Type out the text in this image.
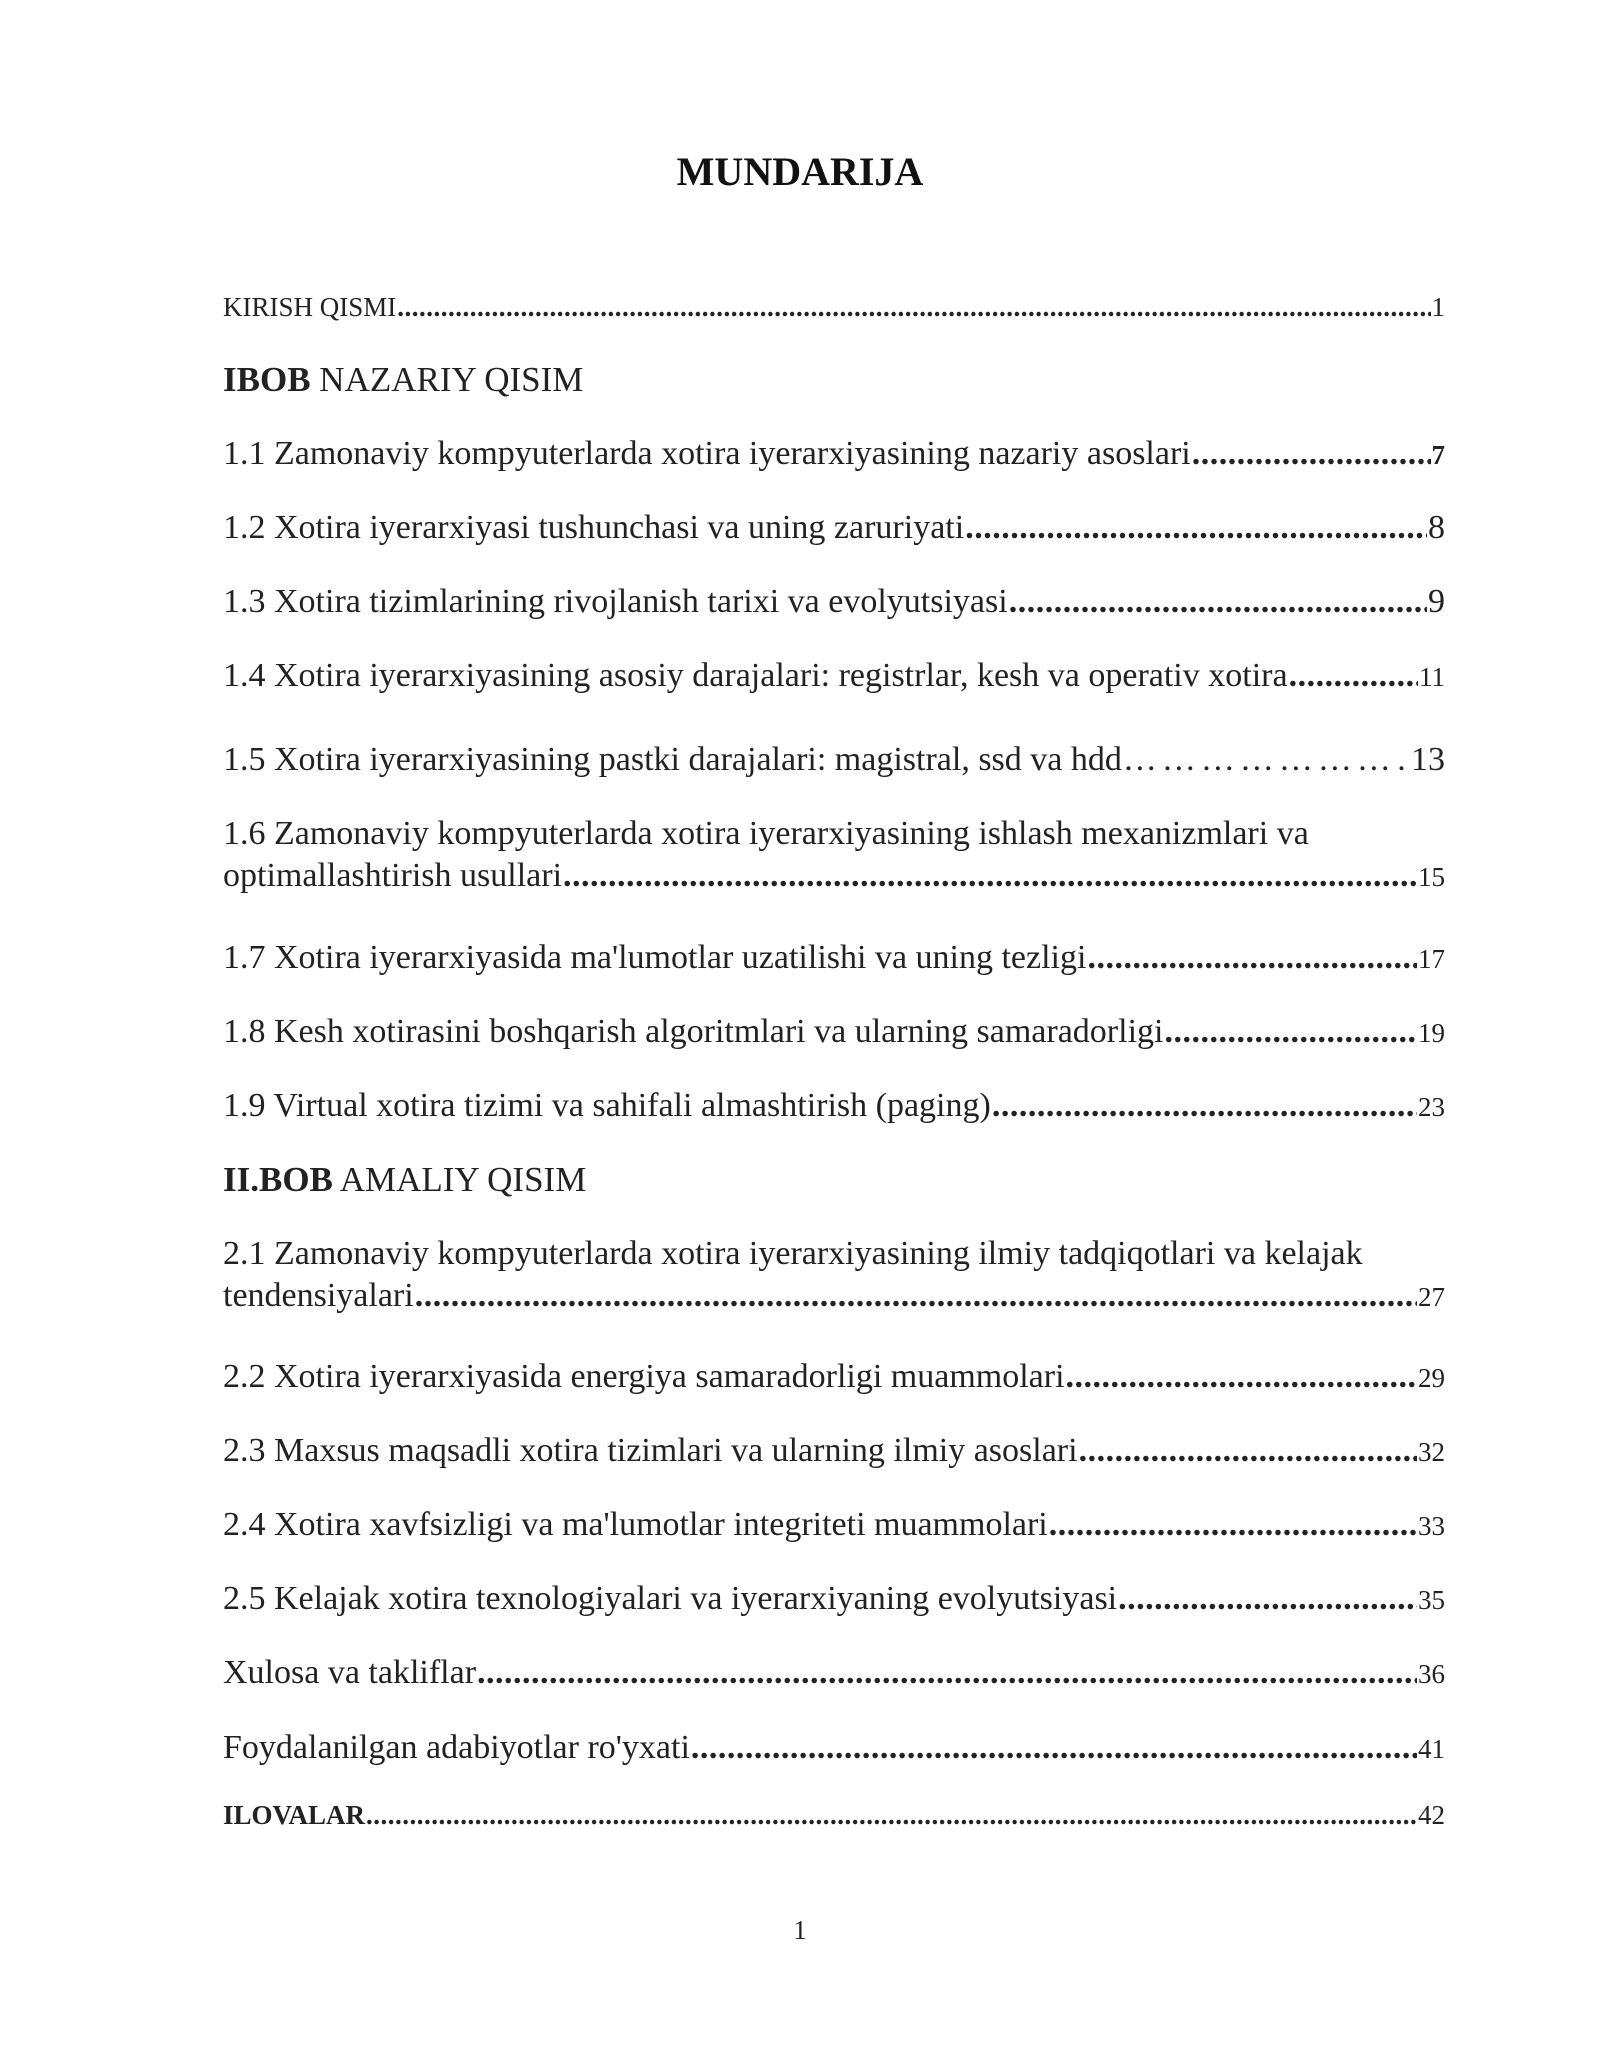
MUNDARIJA
KIRISH QISMI .....	1
IBOB NAZARIY QISIM
1.1 Zamonaviy kompyuterlarda xotira iyerarxiyasining nazariy asoslari .....	7
1.2 Xotira iyerarxiyasi tushunchasi va uning zaruriyati .....	8
1.3 Xotira tizimlarining rivojlanish tarixi va evolyutsiyasi .....	9
1.4 Xotira iyerarxiyasining asosiy darajalari: registrlar, kesh va operativ xotira .....	11
1.5 Xotira iyerarxiyasining pastki darajalari: magistral, ssd va hdd …………………………………………………………………………………………………………………	13
1.6 Zamonaviy kompyuterlarda xotira iyerarxiyasining ishlash mexanizmlari va
optimallashtirish usullari .....	15
1.7 Xotira iyerarxiyasida ma'lumotlar uzatilishi va uning tezligi .....	17
1.8 Kesh xotirasini boshqarish algoritmlari va ularning samaradorligi .....	19
1.9 Virtual xotira tizimi va sahifali almashtirish (paging) .....	23
II.BOB AMALIY QISIM
2.1 Zamonaviy kompyuterlarda xotira iyerarxiyasining ilmiy tadqiqotlari va kelajak
tendensiyalari .....	27
2.2 Xotira iyerarxiyasida energiya samaradorligi muammolari .....	29
2.3 Maxsus maqsadli xotira tizimlari va ularning ilmiy asoslari .....	32
2.4 Xotira xavfsizligi va ma'lumotlar integriteti muammolari .....	33
2.5 Kelajak xotira texnologiyalari va iyerarxiyaning evolyutsiyasi .....	35
Xulosa va takliflar .....	36
Foydalanilgan adabiyotlar ro'yxati .....	41
ILOVALAR .....	42
1
